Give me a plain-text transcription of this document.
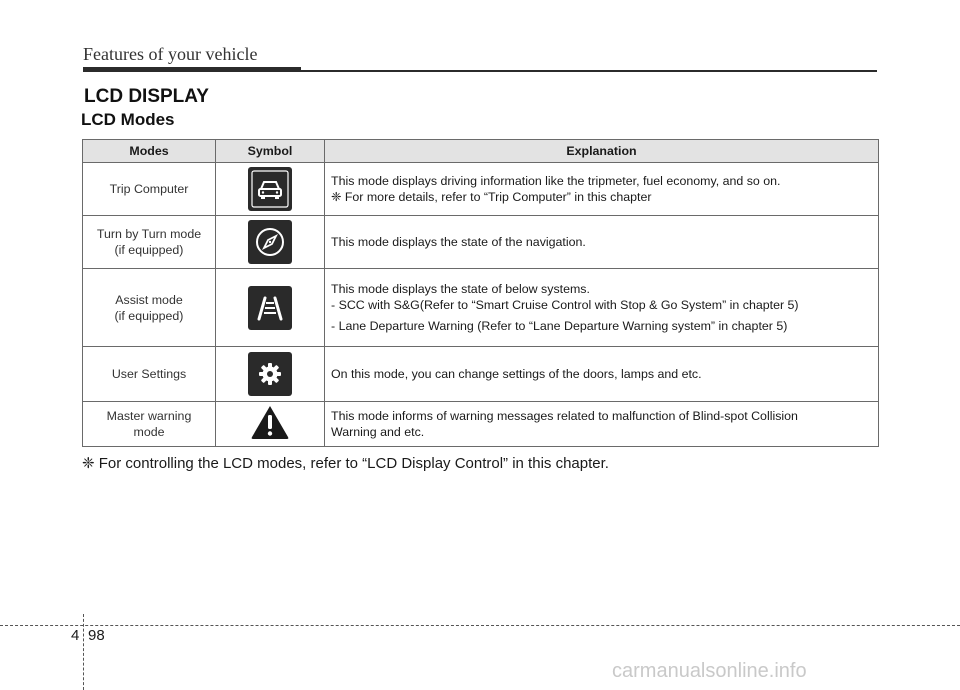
Features of your vehicle
LCD DISPLAY
LCD Modes
Modes	Symbol	Explanation

Trip Computer		This mode displays driving information like the tripmeter, fuel economy, and so on.
❈ For more details, refer to “Trip Computer” in this chapter

Turn by Turn mode
(if equipped)		This mode displays the state of the navigation.

Assist mode
(if equipped)		This mode displays the state of below systems.
- SCC with S&G(Refer to “Smart Cruise Control with Stop & Go System” in chapter 5)
- Lane Departure Warning (Refer to “Lane Departure Warning system” in chapter 5)

User Settings		On this mode, you can change settings of the doors, lamps and etc.

Master warning
mode		This mode informs of warning messages related to malfunction of Blind-spot Collision
Warning and etc.
❈ For controlling the LCD modes, refer to “LCD Display Control” in this chapter.
4 98
carmanualsonline.info
